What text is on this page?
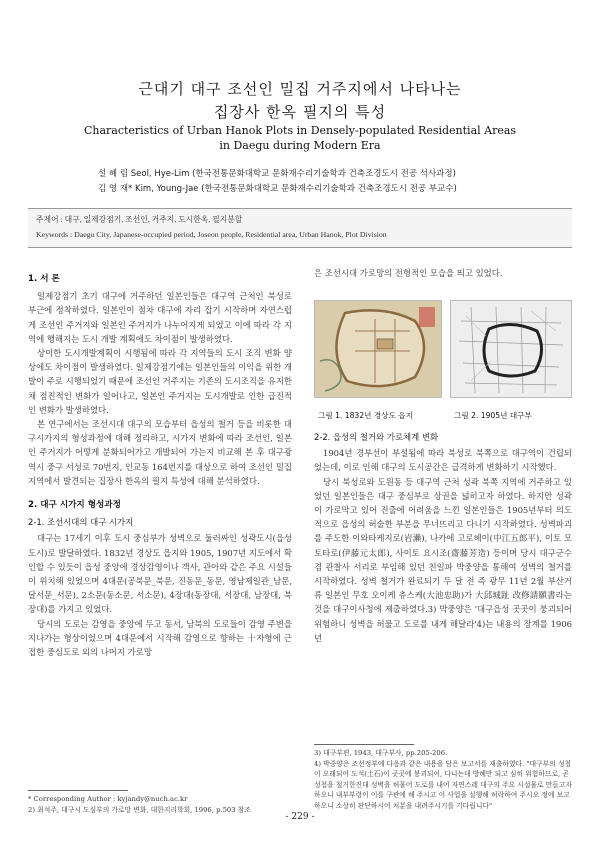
근대기 대구 조선인 밀집 거주지에서 나타나는
집장사 한옥 필지의 특성
Characteristics of Urban Hanok Plots in Densely-populated Residential Areas
in Daegu during Modern Era
설 혜 림 Seol, Hye-Lim (한국전통문화대학교 문화재수리기술학과 건축조경도시 전공 석사과정)
김 영 재* Kim, Young-Jae (한국전통문화대학교 문화재수리기술학과 건축조경도시 전공 부교수)
주제어 : 대구, 일제강점기, 조선인, 거주지, 도시한옥, 필지분할
Keywords : Daegu City, Japanese-occupied period, Joseon people, Residential area, Urban Hanok, Plot Division
1. 서 론

일제강점기 초기 대구에 거주하던 일본인들은 대구역 근처인 북성로 부근에 정착하였다. 일본인이 점차 대구에 자리 잡기 시작하며 자연스럽게 조선인 주거지와 일본인 주거지가 나누어지게 되었고 이에 따라 각 지역에 행해지는 도시 개발 계획에도 차이점이 발생하였다.

상이한 도시개발계획이 시행됨에 따라 각 지역들의 도시 조직 변화 양상에도 차이점이 발생하였다. 일제강점기에는 일본인들의 이익을 위한 개발이 주로 시행되었기 때문에 조선인 거주지는 기존의 도시조직을 유지한 채 점진적인 변화가 일어나고, 일본인 주거지는 도시개발로 인한 급진적인 변화가 발생하였다.

본 연구에서는 조선시대 대구의 모습부터 읍성의 철거 등을 비롯한 대구시가지의 형성과정에 대해 정리하고, 시가지 변화에 따라 조선인, 일본인 주거지가 어떻게 분화되어가고 개발되어 가는지 비교해 본 후 대구광역시 중구 서성로 70번지, 인교동 164번지를 대상으로 하여 조선인 밀집지역에서 발견되는 집장사 한옥의 필지 특성에 대해 분석하였다.

2. 대구 시가지 형성과정
2-1. 조선시대의 대구 시가지

대구는 17세기 이후 도시 중심부가 성벽으로 둘러싸인 성곽도시(읍성도시)로 발달하였다. 1832년 경상도 읍지와 1905, 1907년 지도에서 확인할 수 있듯이 읍성 중앙에 경상감영이나 객사, 관아와 같은 주요 시설들이 위치해 있었으며 4대문(공북문_북문, 진동문_동문, 영남제일관_남문, 달서문_서문), 2소문(동소문, 서소문), 4장대(동장대, 서장대, 남장대, 북장대)를 가지고 있었다.

당시의 도로는 감영을 중앙에 두고 동서, 남북의 도로들이 감영 주변을 지나가는 형상이었으며 4대문에서 시작해 감영으로 향하는 十자형에 근접한 중심도로 외의 나머지 가로망

* Corresponding Author : kyjandy@nuch.ac.kr
2) 최석주, 대구시 도심부의 가로망 변화, 대한지리학회, 1996, p.503 참조

은 조선시대 가로망의 전형적인 모습을 띄고 있었다.

그림 1. 1832년 경상도 읍지	그림 2. 1905년 대구부
2-2. 읍성의 철거와 가로체계 변화

1904년 경부선이 부설됨에 따라 북성로 북쪽으로 대구역이 건립되었는데, 이로 인해 대구의 도시공간은 급격하게 변화하기 시작했다.

당시 북성로와 도원동 등 대구역 근처 성곽 북쪽 지역에 거주하고 있었던 일본인들은 대구 중심부로 상권을 넓히고자 하였다. 하지만 성곽이 가로막고 있어 진출에 어려움을 느낀 일본인들은 1905년부터 의도적으로 읍성의 허술한 부분을 무너뜨리고 다니기 시작하였다. 성벽파괴를 주도한 이와타케지로(岩瀨), 나카에 고로헤이(中江五郎平), 이토 모토타로(伊藤元太郎), 사이토 요시조(齋藤芳造) 등이며 당시 대구군수 겸 관찰사 서리로 부임해 있던 친일파 박중양을 통해여 성벽의 철거를 시작하였다. 성벽 철거가 완료되기 두 달 전 즉 광무 11년 2월 부산거류 일본인 무호 오이케 츄스케(大池忠助)가 大邱城趾 改修請願書라는 것을 대구이사청에 제출하였다.3) 박중양은 '대구읍성 곳곳이 붕괴되어 위험하니 성벽을 허물고 도로를 내게 해달라'4)는 내용의 장계를 1906년

3) 대구부편, 1943, 대구부사, pp.205-206.
4) 박중양은 조선정부에 다음과 같은 내용을 담은 보고서를 제출하였다. "대구부의 성첩이 오래되어 도석(土石)이 곳곳에 붕괴되어, 다니는데 방해만 되고 심히 위험하므로, 곧 성첩을 철거한진대 성벽을 허물어 도로를 내어 자연스레 대구의 주요 시설물로 만들고자 하오니 내부부령이 이를 구관에 해 주시고 이 사업을 실행해 허락하여 주시오 정에 보고하오니 소상히 판단하시어 처분을 내려주시기를 기다립니다"
- 229 -
